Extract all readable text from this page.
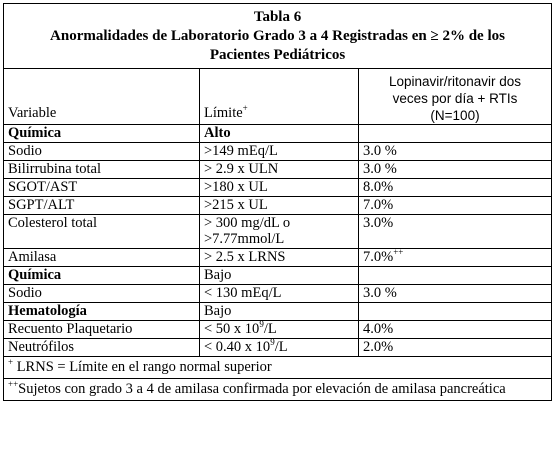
Tabla 6
Anormalidades de Laboratorio Grado 3 a 4 Registradas en ≥ 2% de los Pacientes Pediátricos		

Variable	Límite+	Lopinavir/ritonavir dos
veces por día + RTIs
(N=100)

Química	Alto	
Sodio	>149 mEq/L	3.0 %
Bilirrubina total	> 2.9 x ULN	3.0 %
SGOT/AST	>180 x UL	8.0%
SGPT/ALT	>215 x UL	7.0%
Colesterol total	> 300 mg/dL o
>7.77mmol/L	3.0%
Amilasa	> 2.5 x LRNS	7.0%++
Química	Bajo	
Sodio	< 130 mEq/L	3.0 %
Hematología	Bajo	
Recuento Plaquetario	< 50 x $10^9/L$	4.0%
Neutrófilos	< 0.40 x $10^9/L$	2.0%
+ LRNS = Límite en el rango normal superior		
++Sujetos con grado 3 a 4 de amilasa confirmada por elevación de amilasa pancreática		
